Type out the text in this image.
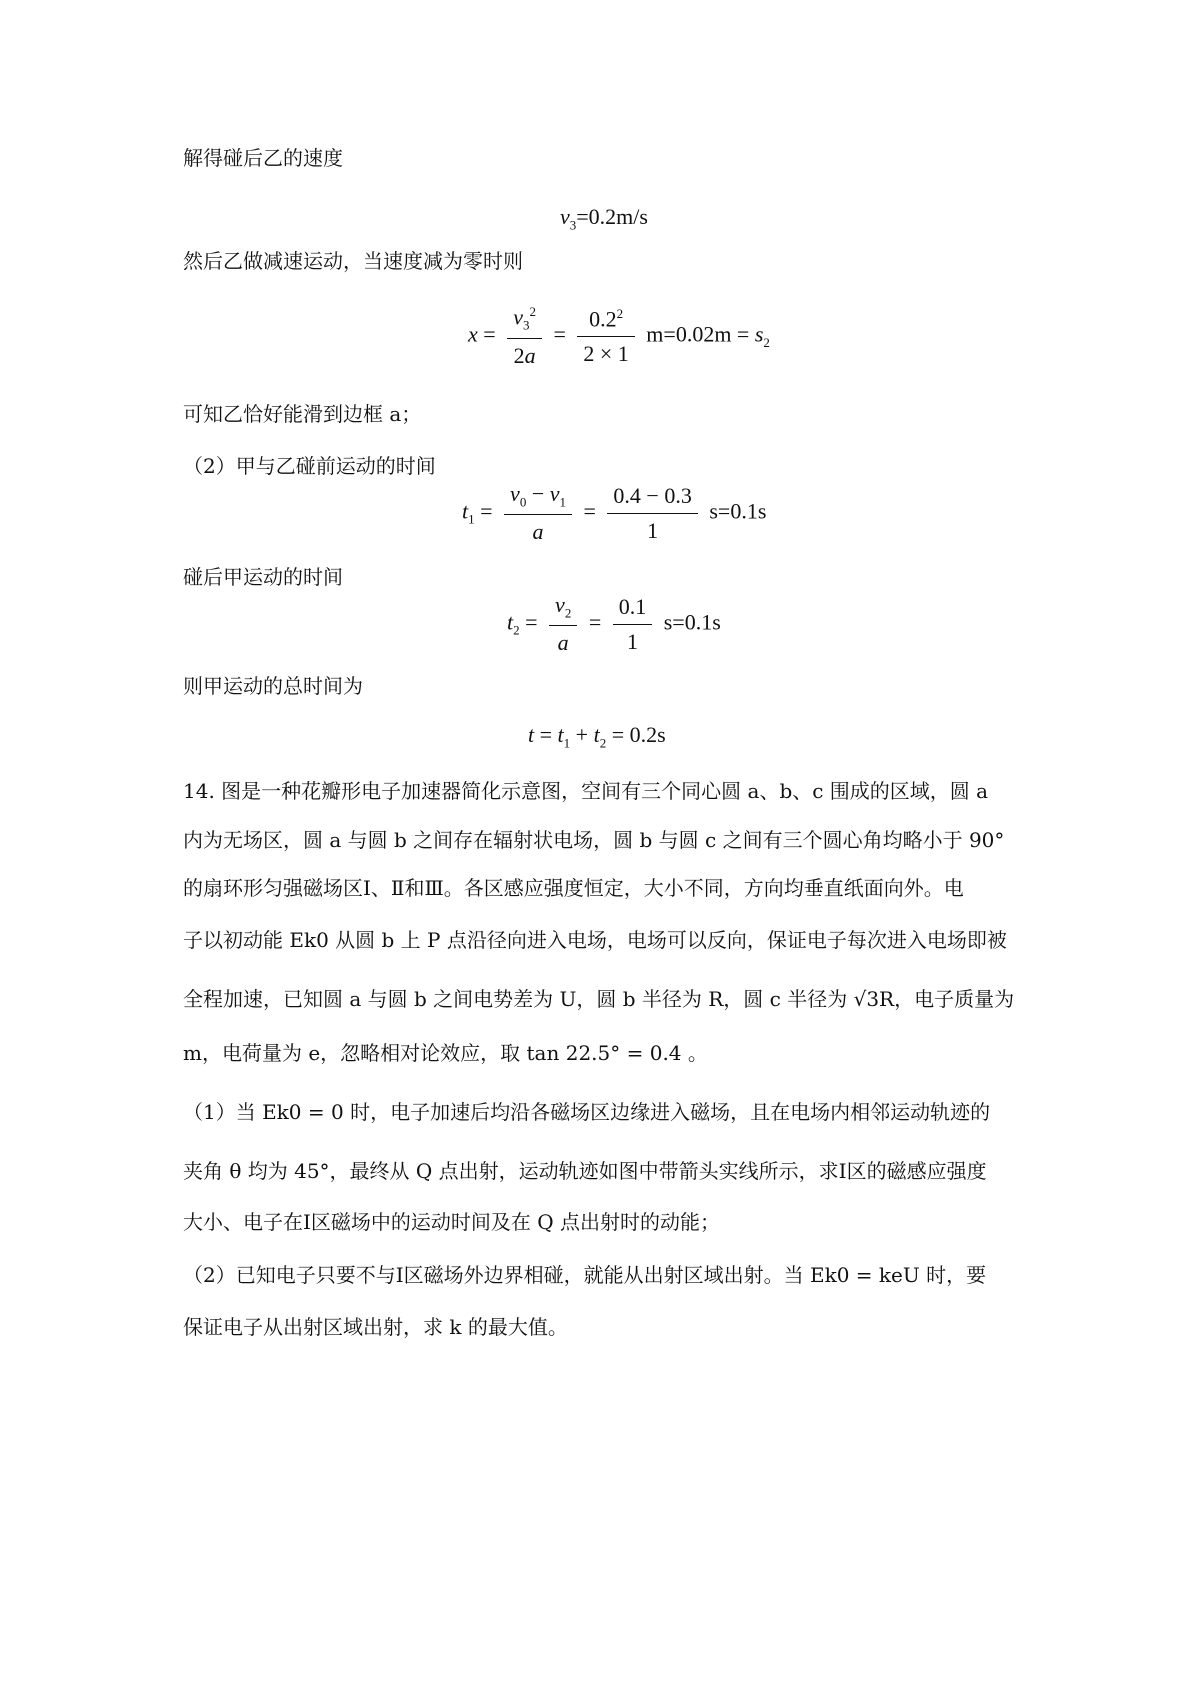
解得碰后乙的速度
$v_3=0.2m/s$
然后乙做减速运动，当速度减为零时则
$x = \frac{v_3^2}{2a} = \frac{0.2^2}{2 \times 1} m=0.02m = s_2$
可知乙恰好能滑到边框 a；
（2）甲与乙碰前运动的时间
$t_1 = \frac{v_0 - v_1}{a} = \frac{0.4 - 0.3}{1} s=0.1s$
碰后甲运动的时间
$t_2 = \frac{v_2}{a} = \frac{0.1}{1} s=0.1s$
则甲运动的总时间为
$t = t_1 + t_2 = 0.2s$
14. 图是一种花瓣形电子加速器简化示意图，空间有三个同心圆 a、b、c 围成的区域，圆 a
内为无场区，圆 a 与圆 b 之间存在辐射状电场，圆 b 与圆 c 之间有三个圆心角均略小于 90°
的扇环形匀强磁场区Ⅰ、Ⅱ和Ⅲ。各区感应强度恒定，大小不同，方向均垂直纸面向外。电
子以初动能 Ek0 从圆 b 上 P 点沿径向进入电场，电场可以反向，保证电子每次进入电场即被
全程加速，已知圆 a 与圆 b 之间电势差为 U，圆 b 半径为 R，圆 c 半径为 √3R，电子质量为
m，电荷量为 e，忽略相对论效应，取 tan 22.5° = 0.4 。
（1）当 Ek0 = 0 时，电子加速后均沿各磁场区边缘进入磁场，且在电场内相邻运动轨迹的
夹角 θ 均为 45°，最终从 Q 点出射，运动轨迹如图中带箭头实线所示，求Ⅰ区的磁感应强度
大小、电子在Ⅰ区磁场中的运动时间及在 Q 点出射时的动能；
（2）已知电子只要不与Ⅰ区磁场外边界相碰，就能从出射区域出射。当 Ek0 = keU 时，要
保证电子从出射区域出射，求 k 的最大值。
